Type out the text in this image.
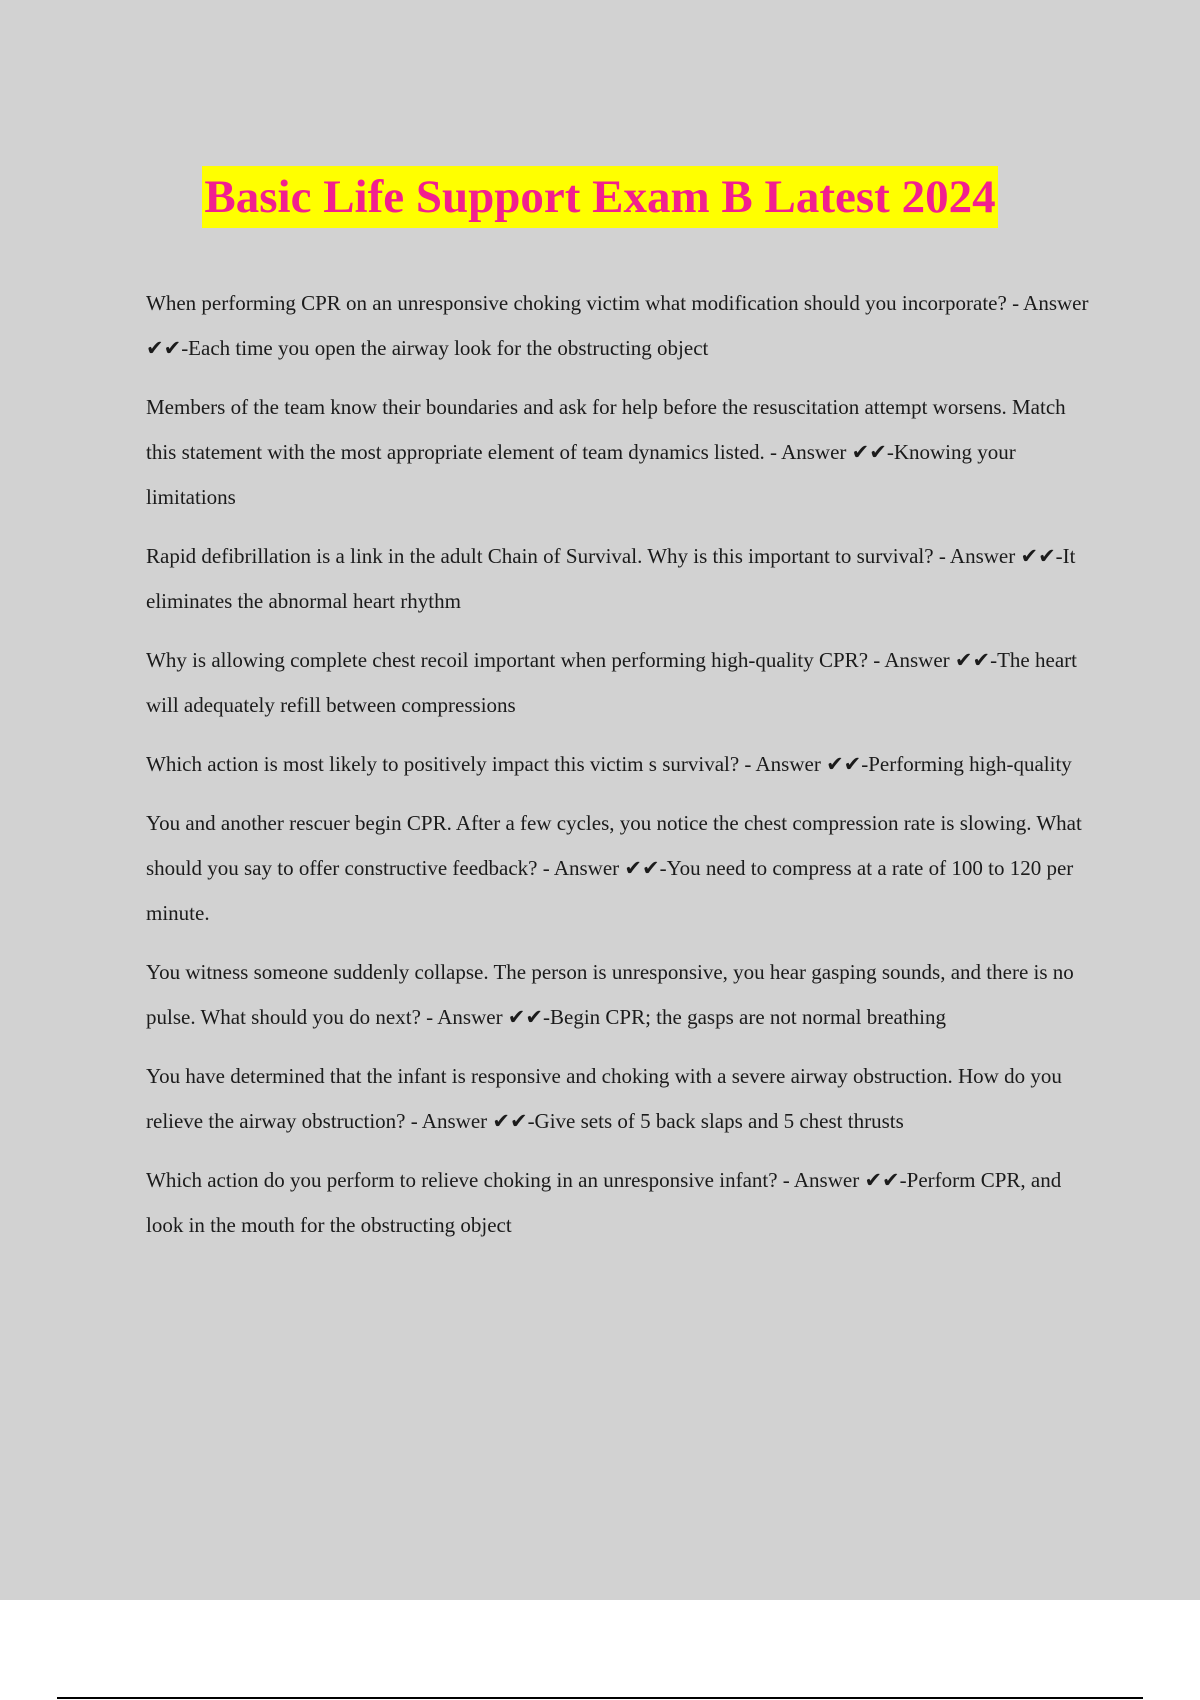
Basic Life Support Exam B Latest 2024

When performing CPR on an unresponsive choking victim what modification should you incorporate? - Answer ✔✔-Each time you open the airway look for the obstructing object

Members of the team know their boundaries and ask for help before the resuscitation attempt worsens. Match this statement with the most appropriate element of team dynamics listed. - Answer ✔✔-Knowing your limitations

Rapid defibrillation is a link in the adult Chain of Survival. Why is this important to survival? - Answer ✔✔-It eliminates the abnormal heart rhythm

Why is allowing complete chest recoil important when performing high-quality CPR? - Answer ✔✔-The heart will adequately refill between compressions

Which action is most likely to positively impact this victim s survival? - Answer ✔✔-Performing high-quality

You and another rescuer begin CPR. After a few cycles, you notice the chest compression rate is slowing. What should you say to offer constructive feedback? - Answer ✔✔-You need to compress at a rate of 100 to 120 per minute.

You witness someone suddenly collapse. The person is unresponsive, you hear gasping sounds, and there is no pulse. What should you do next? - Answer ✔✔-Begin CPR; the gasps are not normal breathing

You have determined that the infant is responsive and choking with a severe airway obstruction. How do you relieve the airway obstruction? - Answer ✔✔-Give sets of 5 back slaps and 5 chest thrusts

Which action do you perform to relieve choking in an unresponsive infant? - Answer ✔✔-Perform CPR, and look in the mouth for the obstructing object
